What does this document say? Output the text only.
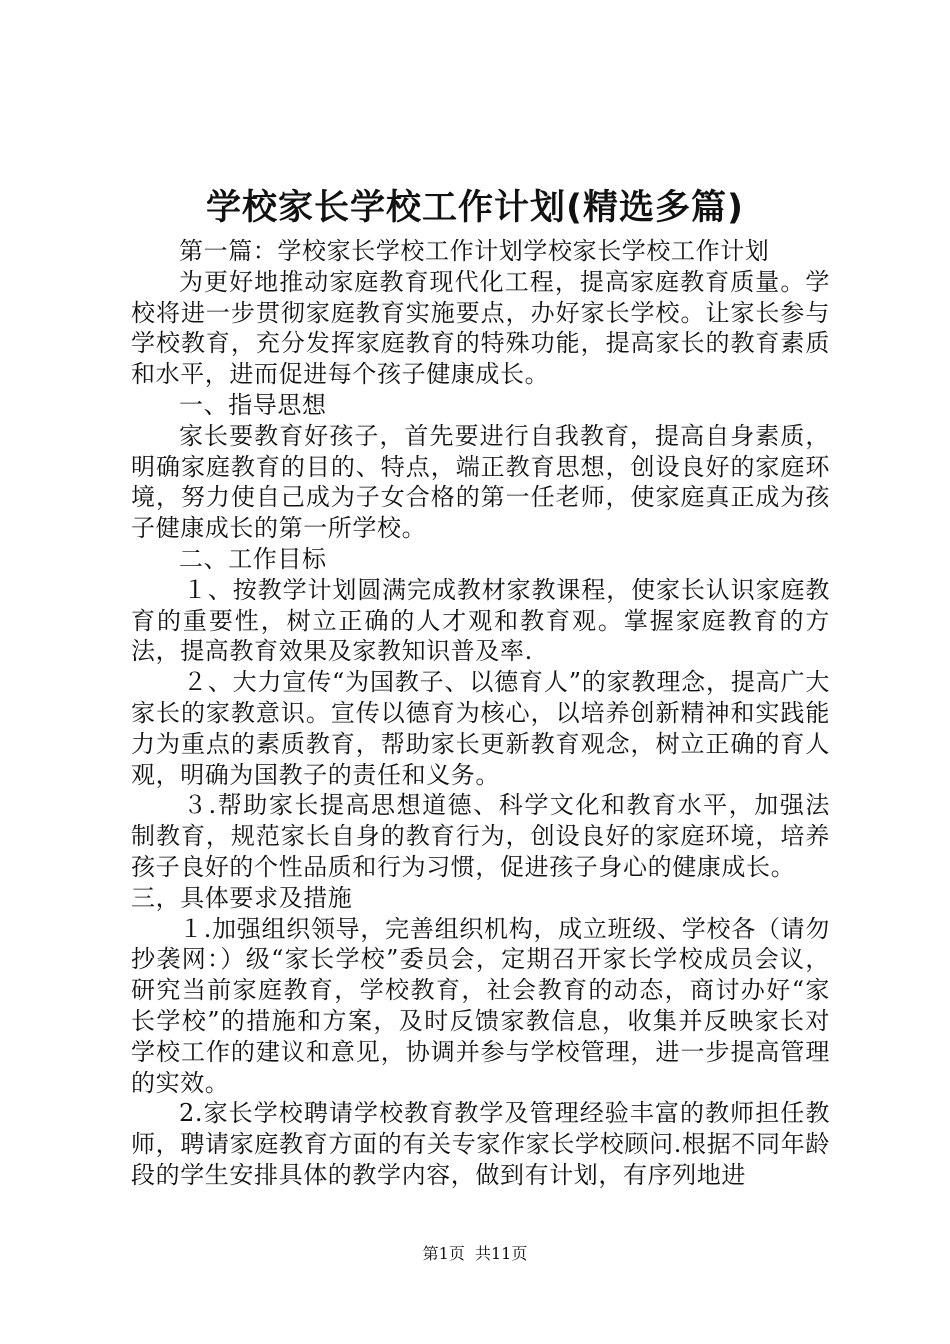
学校家长学校工作计划(精选多篇)

第一篇：学校家长学校工作计划学校家长学校工作计划

为更好地推动家庭教育现代化工程，提高家庭教育质量。学校将进一步贯彻家庭教育实施要点，办好家长学校。让家长参与学校教育，充分发挥家庭教育的特殊功能，提高家长的教育素质和水平，进而促进每个孩子健康成长。

一、指导思想

家长要教育好孩子，首先要进行自我教育，提高自身素质，明确家庭教育的目的、特点，端正教育思想，创设良好的家庭环境，努力使自己成为子女合格的第一任老师，使家庭真正成为孩子健康成长的第一所学校。

二、工作目标

１、按教学计划圆满完成教材家教课程，使家长认识家庭教育的重要性，树立正确的人才观和教育观。掌握家庭教育的方法，提高教育效果及家教知识普及率.

２、大力宣传“为国教子、以德育人”的家教理念，提高广大家长的家教意识。宣传以德育为核心，以培养创新精神和实践能力为重点的素质教育，帮助家长更新教育观念，树立正确的育人观，明确为国教子的责任和义务。

３.帮助家长提高思想道德、科学文化和教育水平，加强法制教育，规范家长自身的教育行为，创设良好的家庭环境，培养孩子良好的个性品质和行为习惯，促进孩子身心的健康成长。

三，具体要求及措施

１.加强组织领导，完善组织机构，成立班级、学校各（请勿抄袭网：）级“家长学校”委员会，定期召开家长学校成员会议，研究当前家庭教育，学校教育，社会教育的动态，商讨办好“家长学校”的措施和方案，及时反馈家教信息，收集并反映家长对学校工作的建议和意见，协调并参与学校管理，进一步提高管理的实效。

2.家长学校聘请学校教育教学及管理经验丰富的教师担任教师，聘请家庭教育方面的有关专家作家长学校顾问.根据不同年龄段的学生安排具体的教学内容，做到有计划，有序列地进

第1页  共11页
